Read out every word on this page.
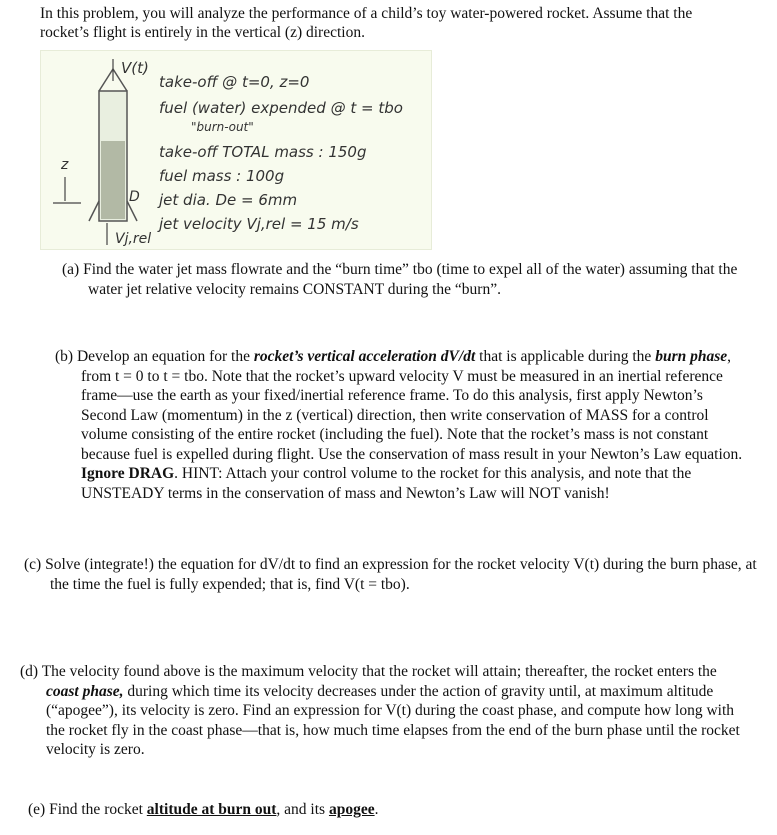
In this problem, you will analyze the performance of a child’s toy water-powered rocket. Assume that the rocket’s flight is entirely in the vertical (z) direction.
V(t)
Vj,rel
D
z
take-off @ t=0, z=0
fuel (water) expended @ t = tbo
"burn-out"
take-off TOTAL mass : 150g
fuel mass : 100g
jet dia. De = 6mm
jet velocity Vj,rel = 15 m/s
(a) Find the water jet mass flowrate and the “burn time” tbo (time to expel all of the water) assuming that the water jet relative velocity remains CONSTANT during the “burn”.
(b) Develop an equation for the rocket’s vertical acceleration dV/dt that is applicable during the burn phase, from t = 0 to t = tbo. Note that the rocket’s upward velocity V must be measured in an inertial reference frame—use the earth as your fixed/inertial reference frame. To do this analysis, first apply Newton’s Second Law (momentum) in the z (vertical) direction, then write conservation of MASS for a control volume consisting of the entire rocket (including the fuel). Note that the rocket’s mass is not constant because fuel is expelled during flight. Use the conservation of mass result in your Newton’s Law equation. Ignore DRAG. HINT: Attach your control volume to the rocket for this analysis, and note that the UNSTEADY terms in the conservation of mass and Newton’s Law will NOT vanish!
(c) Solve (integrate!) the equation for dV/dt to find an expression for the rocket velocity V(t) during the burn phase, at the time the fuel is fully expended; that is, find V(t = tbo).
(d) The velocity found above is the maximum velocity that the rocket will attain; thereafter, the rocket enters the coast phase, during which time its velocity decreases under the action of gravity until, at maximum altitude (“apogee”), its velocity is zero. Find an expression for V(t) during the coast phase, and compute how long with the rocket fly in the coast phase—that is, how much time elapses from the end of the burn phase until the rocket velocity is zero.
(e) Find the rocket altitude at burn out, and its apogee.
